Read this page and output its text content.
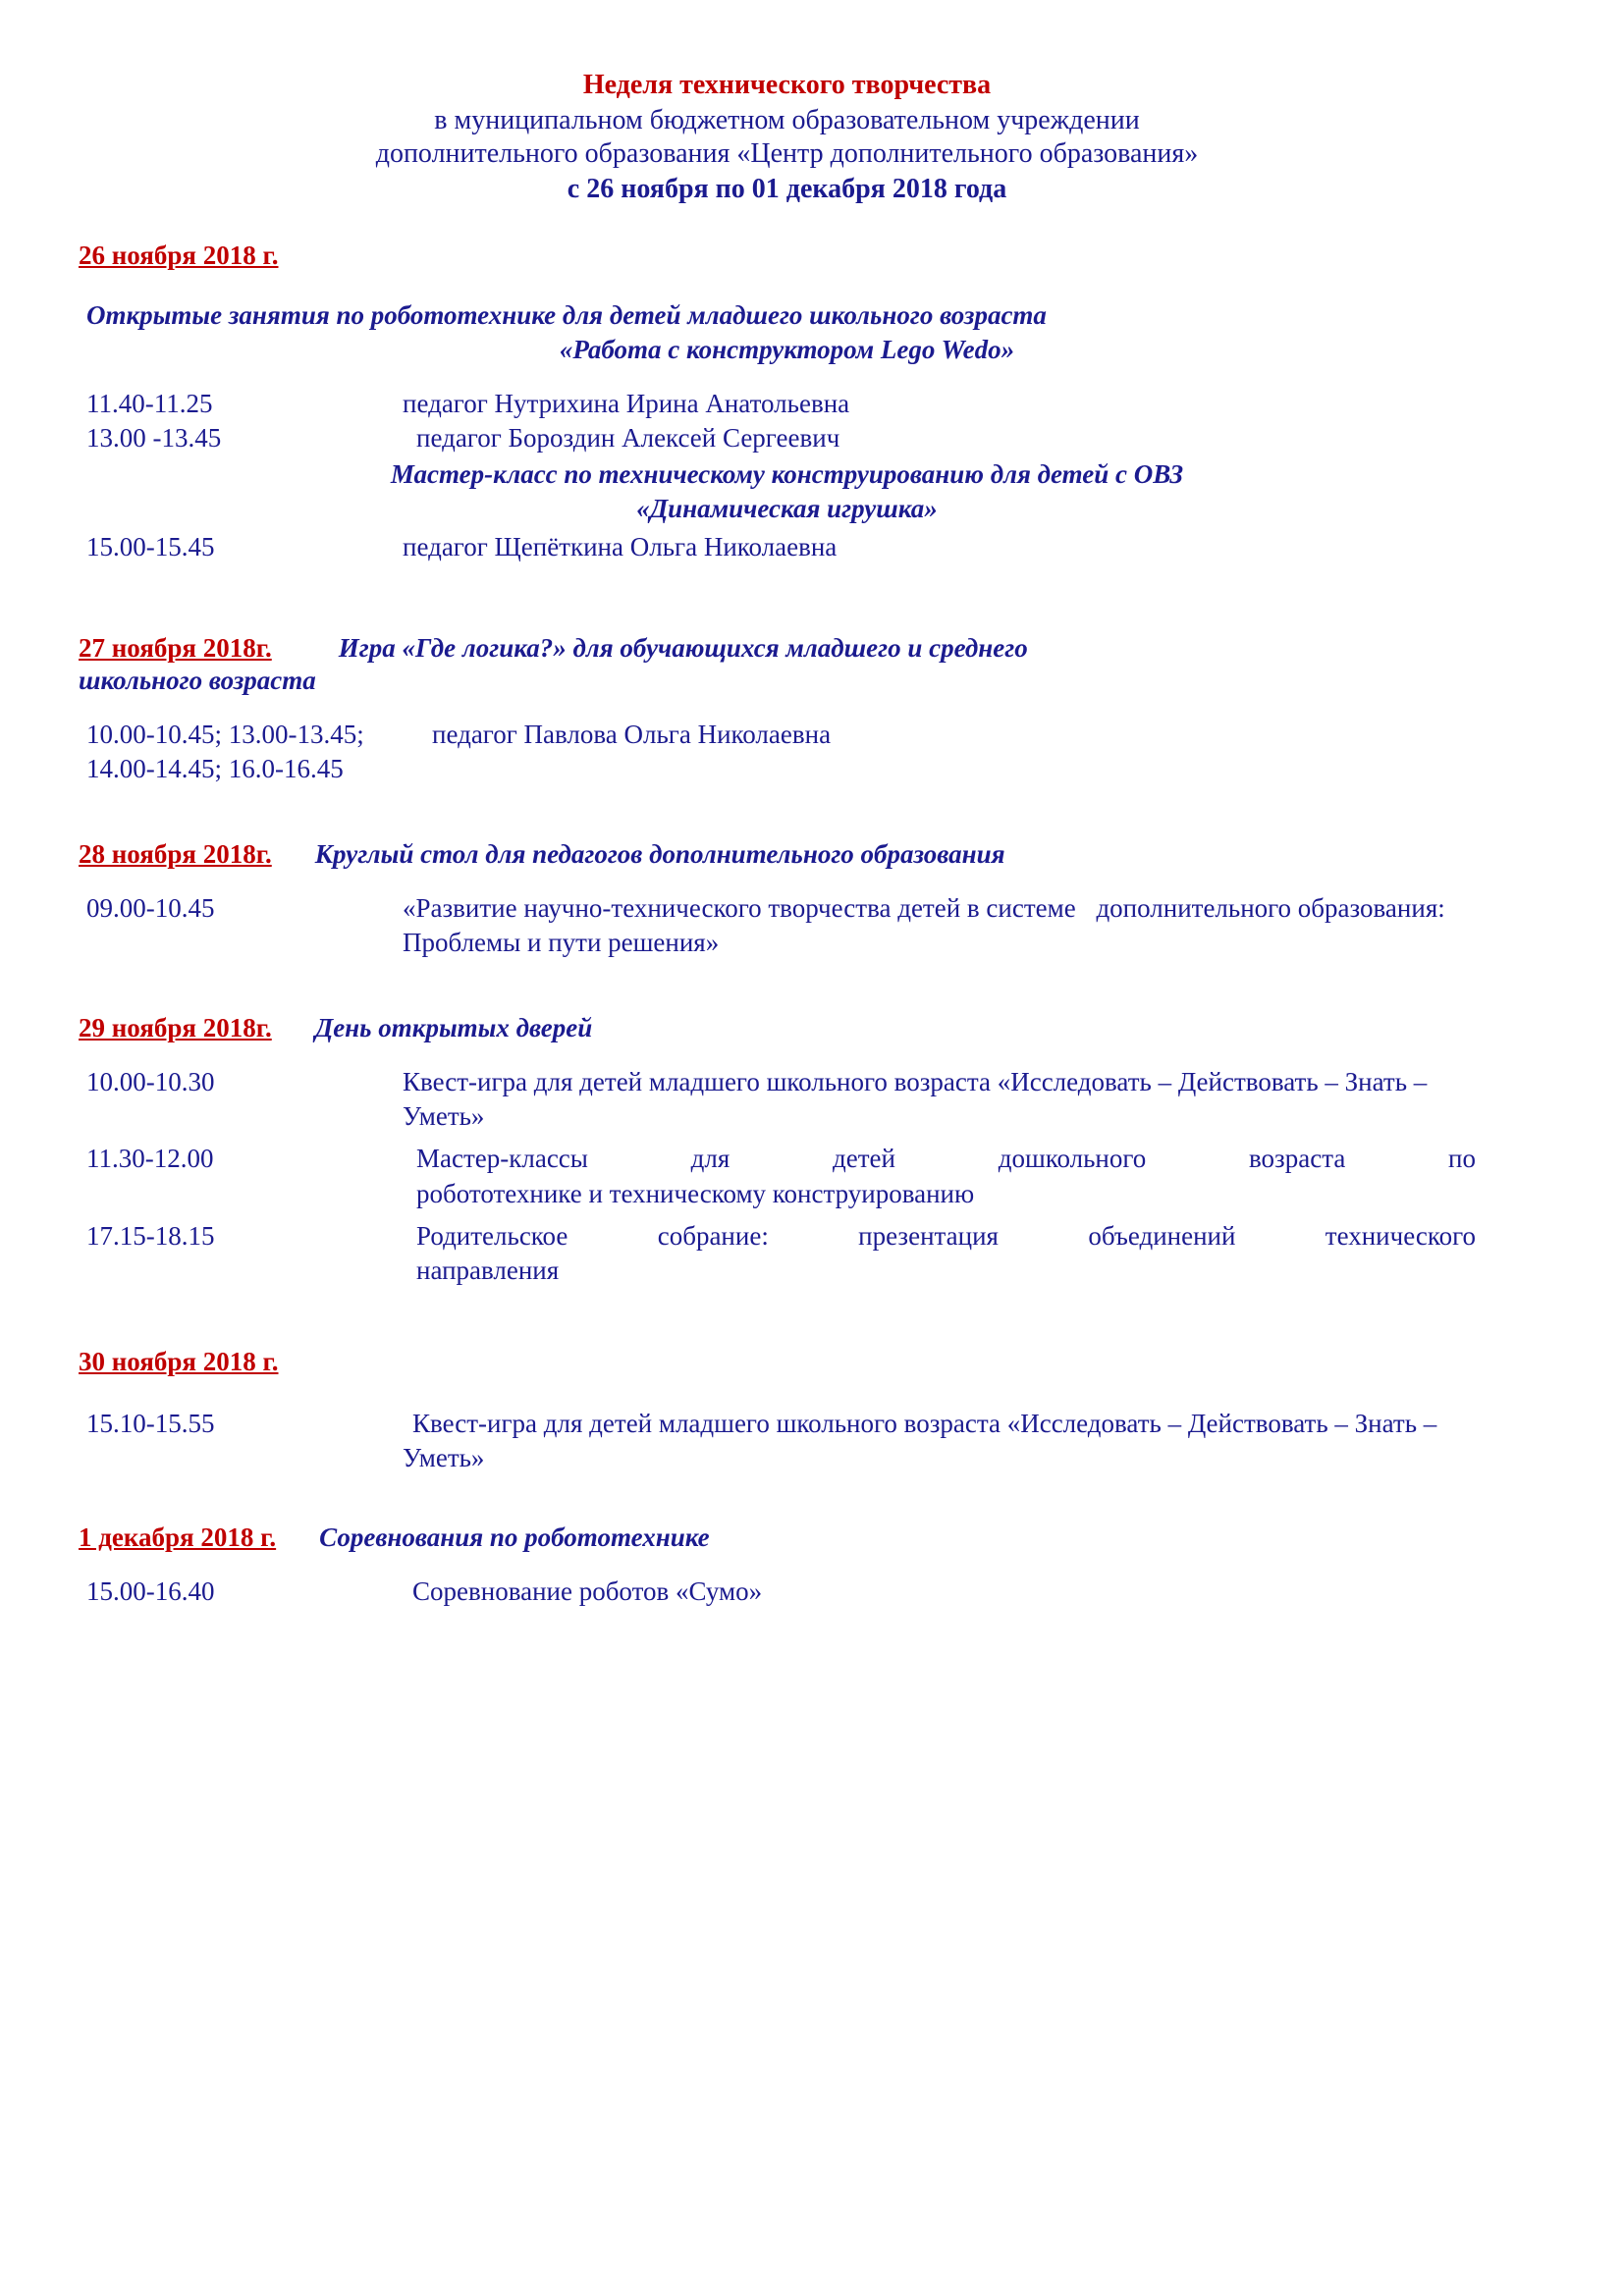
Неделя технического творчества
в муниципальном бюджетном образовательном учреждении
дополнительного образования «Центр дополнительного образования»
с 26 ноября по 01 декабря 2018 года
26 ноября 2018 г.
Открытые занятия по робототехнике для детей младшего школьного возраста
«Работа с конструктором Lego Wedo»
11.40-11.25	педагог Нутрихина Ирина Анатольевна
13.00 -13.45	педагог Бороздин Алексей Сергеевич
Мастер-класс по техническому конструированию для детей с ОВЗ
«Динамическая игрушка»
15.00-15.45	педагог Щепёткина Ольга Николаевна
27 ноября 2018г.	Игра «Где логика?» для обучающихся младшего и среднего
школьного возраста
10.00-10.45; 13.00-13.45;	педагог Павлова Ольга Николаевна
14.00-14.45; 16.0-16.45
28 ноября 2018г.	Круглый стол для педагогов дополнительного образования
09.00-10.45	«Развитие научно-технического творчества детей в системе дополнительного образования: Проблемы и пути решения»
29 ноября 2018г.	День открытых дверей
10.00-10.30	Квест-игра для детей младшего школьного возраста «Исследовать – Действовать – Знать – Уметь»
11.30-12.00	Мастер-классы для детей дошкольного возраста по
робототехнике и техническому конструированию
17.15-18.15	Родительское собрание: презентация объединений технического
направления
30 ноября 2018 г.
15.10-15.55	Квест-игра для детей младшего школьного возраста «Исследовать – Действовать – Знать – Уметь»
1 декабря 2018 г.	Соревнования по робототехнике
15.00-16.40	Соревнование роботов «Сумо»
